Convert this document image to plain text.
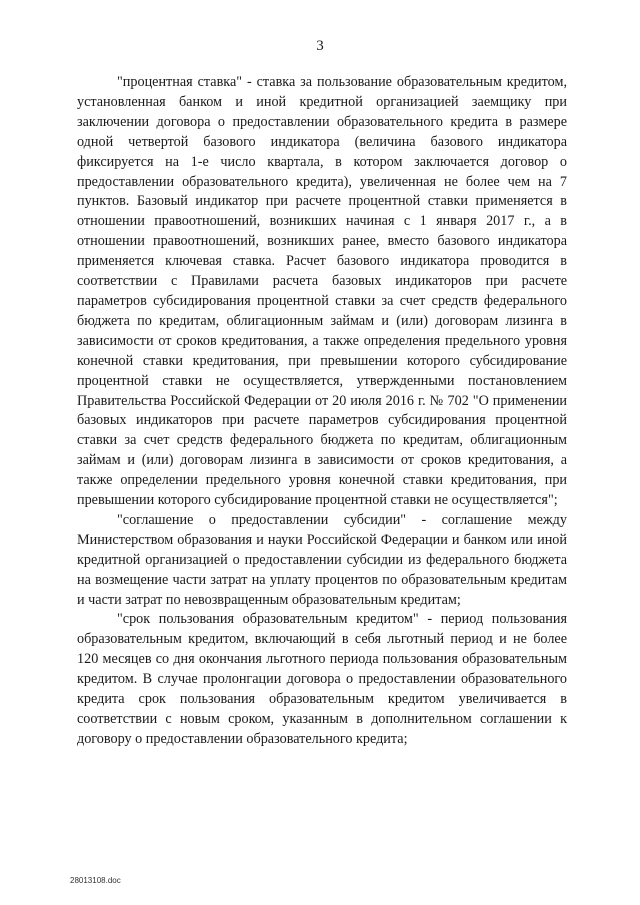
3

"процентная ставка" - ставка за пользование образовательным кредитом, установленная банком и иной кредитной организацией заемщику при заключении договора о предоставлении образовательного кредита в размере одной четвертой базового индикатора (величина базового индикатора фиксируется на 1-е число квартала, в котором заключается договор о предоставлении образовательного кредита), увеличенная не более чем на 7 пунктов. Базовый индикатор при расчете процентной ставки применяется в отношении правоотношений, возникших начиная с 1 января 2017 г., а в отношении правоотношений, возникших ранее, вместо базового индикатора применяется ключевая ставка. Расчет базового индикатора проводится в соответствии с Правилами расчета базовых индикаторов при расчете параметров субсидирования процентной ставки за счет средств федерального бюджета по кредитам, облигационным займам и (или) договорам лизинга в зависимости от сроков кредитования, а также определения предельного уровня конечной ставки кредитования, при превышении которого субсидирование процентной ставки не осуществляется, утвержденными постановлением Правительства Российской Федерации от 20 июля 2016 г. № 702 "О применении базовых индикаторов при расчете параметров субсидирования процентной ставки за счет средств федерального бюджета по кредитам, облигационным займам и (или) договорам лизинга в зависимости от сроков кредитования, а также определении предельного уровня конечной ставки кредитования, при превышении которого субсидирование процентной ставки не осуществляется";

"соглашение о предоставлении субсидии" - соглашение между Министерством образования и науки Российской Федерации и банком или иной кредитной организацией о предоставлении субсидии из федерального бюджета на возмещение части затрат на уплату процентов по образовательным кредитам и части затрат по невозвращенным образовательным кредитам;

"срок пользования образовательным кредитом" - период пользования образовательным кредитом, включающий в себя льготный период и не более 120 месяцев со дня окончания льготного периода пользования образовательным кредитом. В случае пролонгации договора о предоставлении образовательного кредита срок пользования образовательным кредитом увеличивается в соответствии с новым сроком, указанным в дополнительном соглашении к договору о предоставлении образовательного кредита;

28013108.doc
